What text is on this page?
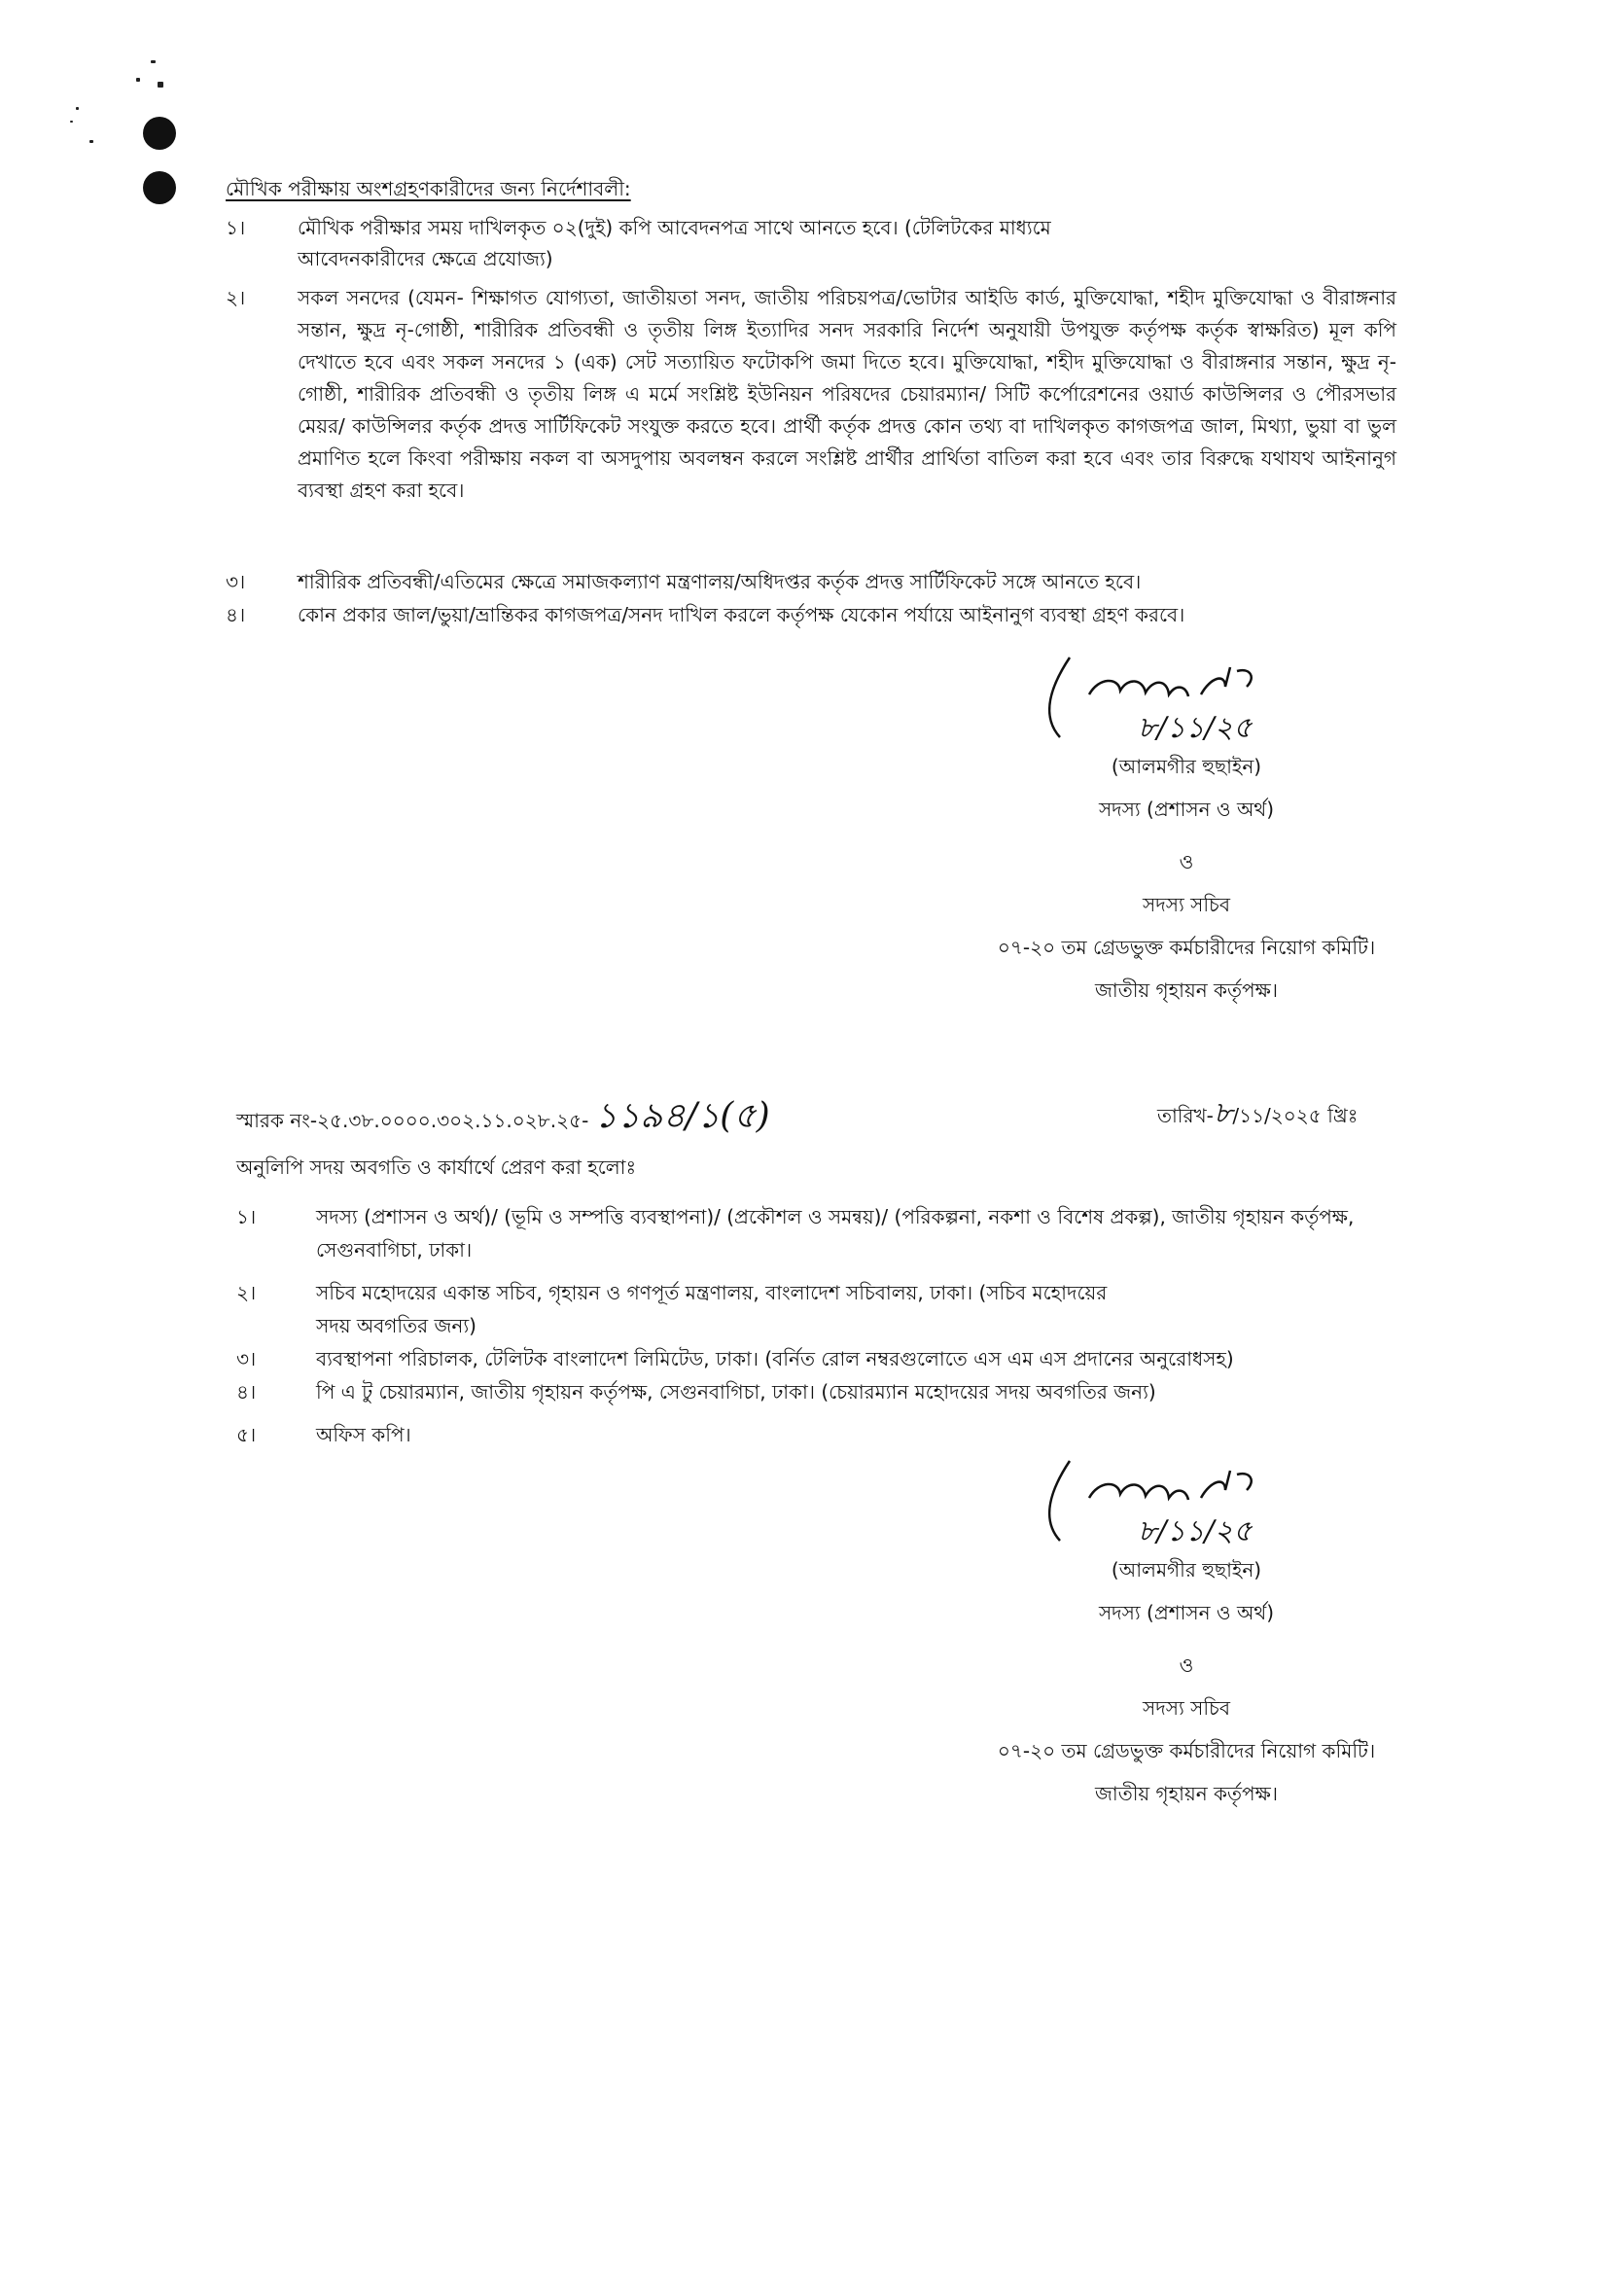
মৌখিক পরীক্ষায় অংশগ্রহণকারীদের জন্য নির্দেশাবলী:
১।	মৌখিক পরীক্ষার সময় দাখিলকৃত ০২(দুই) কপি আবেদনপত্র সাথে আনতে হবে। (টেলিটকের মাধ্যমে আবেদনকারীদের ক্ষেত্রে প্রযোজ্য)
২।	সকল সনদের (যেমন- শিক্ষাগত যোগ্যতা, জাতীয়তা সনদ, জাতীয় পরিচয়পত্র/ভোটার আইডি কার্ড, মুক্তিযোদ্ধা, শহীদ মুক্তিযোদ্ধা ও বীরাঙ্গনার সন্তান, ক্ষুদ্র নৃ-গোষ্ঠী, শারীরিক প্রতিবন্ধী ও তৃতীয় লিঙ্গ ইত্যাদির সনদ সরকারি নির্দেশ অনুযায়ী উপযুক্ত কর্তৃপক্ষ কর্তৃক স্বাক্ষরিত) মূল কপি দেখাতে হবে এবং সকল সনদের ১ (এক) সেট সত্যায়িত ফটোকপি জমা দিতে হবে। মুক্তিযোদ্ধা, শহীদ মুক্তিযোদ্ধা ও বীরাঙ্গনার সন্তান, ক্ষুদ্র নৃ-গোষ্ঠী, শারীরিক প্রতিবন্ধী ও তৃতীয় লিঙ্গ এ মর্মে সংশ্লিষ্ট ইউনিয়ন পরিষদের চেয়ারম্যান/ সিটি কর্পোরেশনের ওয়ার্ড কাউন্সিলর ও পৌরসভার মেয়র/ কাউন্সিলর কর্তৃক প্রদত্ত সার্টিফিকেট সংযুক্ত করতে হবে। প্রার্থী কর্তৃক প্রদত্ত কোন তথ্য বা দাখিলকৃত কাগজপত্র জাল, মিথ্যা, ভুয়া বা ভুল প্রমাণিত হলে কিংবা পরীক্ষায় নকল বা অসদুপায় অবলম্বন করলে সংশ্লিষ্ট প্রার্থীর প্রার্থিতা বাতিল করা হবে এবং তার বিরুদ্ধে যথাযথ আইনানুগ ব্যবস্থা গ্রহণ করা হবে।
৩।	শারীরিক প্রতিবন্ধী/এতিমের ক্ষেত্রে সমাজকল্যাণ মন্ত্রণালয়/অধিদপ্তর কর্তৃক প্রদত্ত সার্টিফিকেট সঙ্গে আনতে হবে।
৪।	কোন প্রকার জাল/ভুয়া/ভ্রান্তিকর কাগজপত্র/সনদ দাখিল করলে কর্তৃপক্ষ যেকোন পর্যায়ে আইনানুগ ব্যবস্থা গ্রহণ করবে।
৮/১১/২৫
(আলমগীর হুছাইন)
সদস্য (প্রশাসন ও অর্থ)
ও
সদস্য সচিব
০৭-২০ তম গ্রেডভুক্ত কর্মচারীদের নিয়োগ কমিটি।
জাতীয় গৃহায়ন কর্তৃপক্ষ।
স্মারক নং-২৫.৩৮.০০০০.৩০২.১১.০২৮.২৫- ১১৯৪/১(৫)	তারিখ-৮/১১/২০২৫ খ্রিঃ
অনুলিপি সদয় অবগতি ও কার্যার্থে প্রেরণ করা হলোঃ
১।	সদস্য (প্রশাসন ও অর্থ)/ (ভূমি ও সম্পত্তি ব্যবস্থাপনা)/ (প্রকৌশল ও সমন্বয়)/ (পরিকল্পনা, নকশা ও বিশেষ প্রকল্প), জাতীয় গৃহায়ন কর্তৃপক্ষ, সেগুনবাগিচা, ঢাকা।
২।	সচিব মহোদয়ের একান্ত সচিব, গৃহায়ন ও গণপূর্ত মন্ত্রণালয়, বাংলাদেশ সচিবালয়, ঢাকা। (সচিব মহোদয়ের সদয় অবগতির জন্য)
৩।	ব্যবস্থাপনা পরিচালক, টেলিটক বাংলাদেশ লিমিটেড, ঢাকা। (বর্নিত রোল নম্বরগুলোতে এস এম এস প্রদানের অনুরোধসহ)
৪।	পি এ টু চেয়ারম্যান, জাতীয় গৃহায়ন কর্তৃপক্ষ, সেগুনবাগিচা, ঢাকা। (চেয়ারম্যান মহোদয়ের সদয় অবগতির জন্য)
৫।	অফিস কপি।
৮/১১/২৫
(আলমগীর হুছাইন)
সদস্য (প্রশাসন ও অর্থ)
ও
সদস্য সচিব
০৭-২০ তম গ্রেডভুক্ত কর্মচারীদের নিয়োগ কমিটি।
জাতীয় গৃহায়ন কর্তৃপক্ষ।
